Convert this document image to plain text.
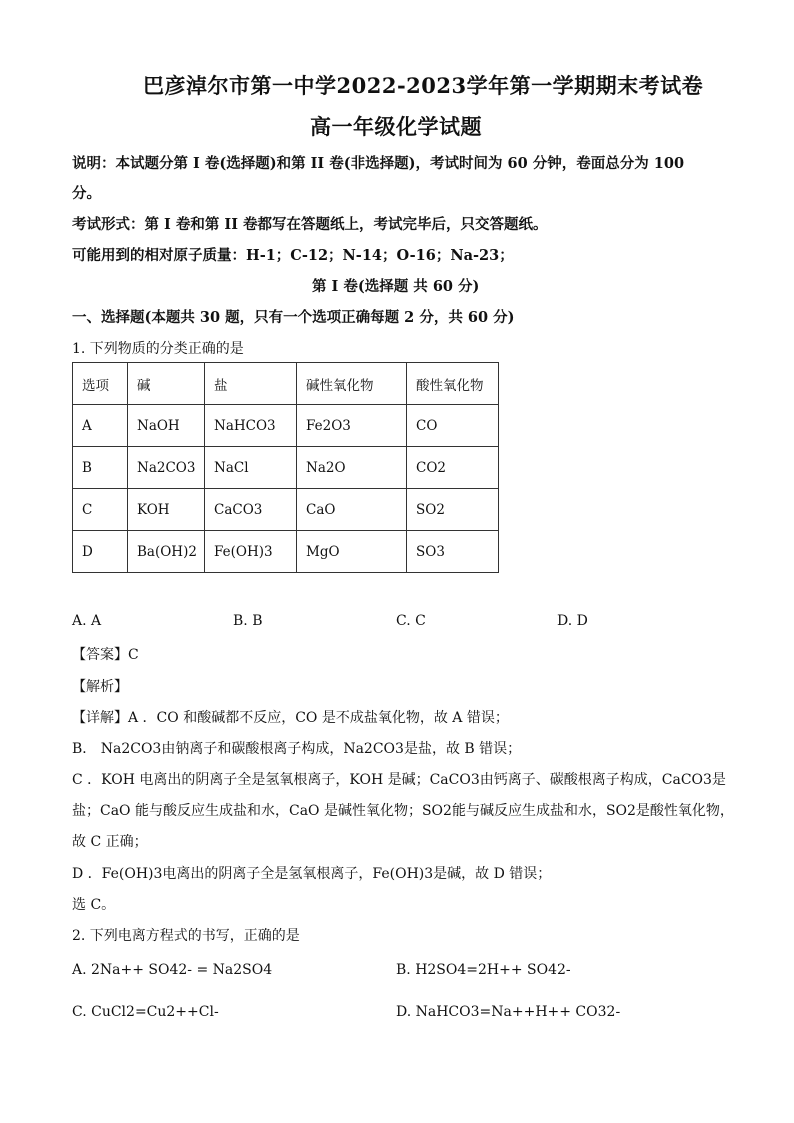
巴彦淖尔市第一中学2022-2023学年第一学期期末考试卷
高一年级化学试题
说明：本试题分第 I 卷(选择题)和第 II 卷(非选择题)，考试时间为 60 分钟，卷面总分为 100
分。
考试形式：第 I 卷和第 II 卷都写在答题纸上，考试完毕后，只交答题纸。
可能用到的相对原子质量：H-1；C-12；N-14；O-16；Na-23；
第 I 卷(选择题 共 60 分)
一、选择题(本题共 30 题，只有一个选项正确每题 2 分，共 60 分)
1. 下列物质的分类正确的是
选项	碱	盐	碱性氧化物	酸性氧化物
A	NaOH	NaHCO3	Fe2O3	CO
B	Na2CO3	NaCl	Na2O	CO2
C	KOH	CaCO3	CaO	SO2
D	Ba(OH)2	Fe(OH)3	MgO	SO3
A. A	B. B	C. C	D. D
【答案】C
【解析】
【详解】A ．CO 和酸碱都不反应，CO 是不成盐氧化物，故 A 错误；
B． Na2CO3由钠离子和碳酸根离子构成，Na2CO3是盐，故 B 错误；
C ．KOH 电离出的阴离子全是氢氧根离子，KOH 是碱；CaCO3由钙离子、碳酸根离子构成，CaCO3是
盐；CaO 能与酸反应生成盐和水，CaO 是碱性氧化物；SO2能与碱反应生成盐和水，SO2是酸性氧化物，
故 C 正确；
D ．Fe(OH)3电离出的阴离子全是氢氧根离子，Fe(OH)3是碱，故 D 错误；
选 C。
2. 下列电离方程式的书写，正确的是
A. 2Na++ SO42- = Na2SO4	B. H2SO4=2H++ SO42-
C. CuCl2=Cu2++Cl-	D. NaHCO3=Na++H++ CO32-
